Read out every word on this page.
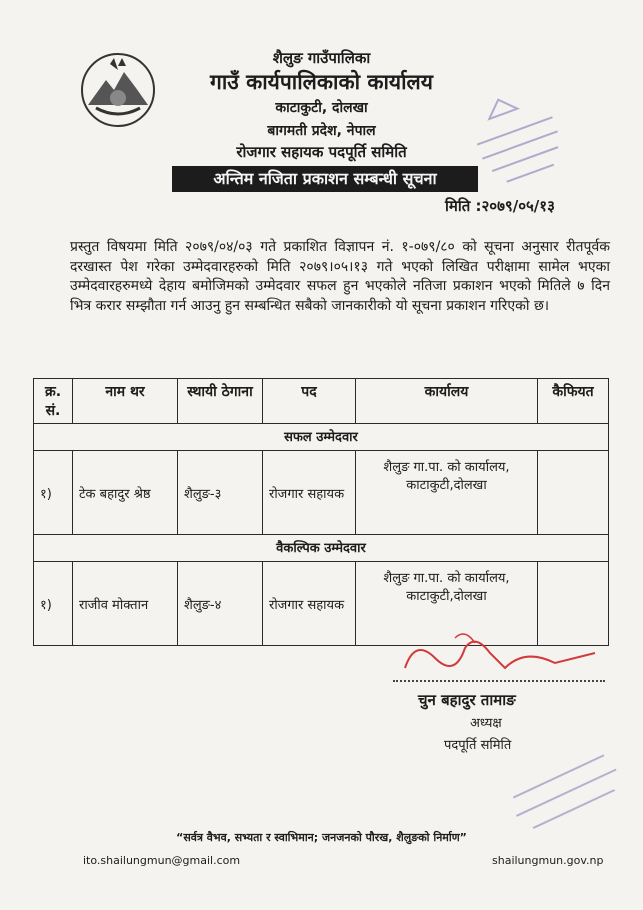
शैलुङ गाउँपालिका
गाउँ कार्यपालिकाको कार्यालय
काटाकुटी, दोलखा
बागमती प्रदेश, नेपाल
रोजगार सहायक पदपूर्ति समिति
अन्तिम नजिता प्रकाशन सम्बन्धी सूचना
मिति :२०७९/०५/१३
प्रस्तुत विषयमा मिति २०७९/०४/०३ गते प्रकाशित विज्ञापन नं. १-०७९/८० को सूचना अनुसार रीतपूर्वक दरखास्त पेश गरेका उम्मेदवारहरुको मिति २०७९।०५।१३ गते भएको लिखित परीक्षामा सामेल भएका उम्मेदवारहरुमध्ये देहाय बमोजिमको उम्मेदवार सफल हुन भएकोले नतिजा प्रकाशन भएको मितिले ७ दिन भित्र करार सम्झौता गर्न आउनु हुन सम्बन्धित सबैको जानकारीको यो सूचना प्रकाशन गरिएको छ।
क्र. सं.	नाम थर	स्थायी ठेगाना	पद	कार्यालय	कैफियत
सफल उम्मेदवार					
१)	टेक बहादुर श्रेष्ठ	शैलुङ-३	रोजगार सहायक	शैलुङ गा.पा. को कार्यालय,
काटाकुटी,दोलखा	

वैकल्पिक उम्मेदवार					
१)	राजीव मोक्तान	शैलुङ-४	रोजगार सहायक	शैलुङ गा.पा. को कार्यालय,
काटाकुटी,दोलखा	

चुन बहादुर तामाङ
अध्यक्ष
पदपूर्ति समिति
“सर्वत्र वैभव, सभ्यता र स्वाभिमान; जनजनको पौरख, शैलुङको निर्माण”
ito.shailungmun@gmail.com	shailungmun.gov.np
